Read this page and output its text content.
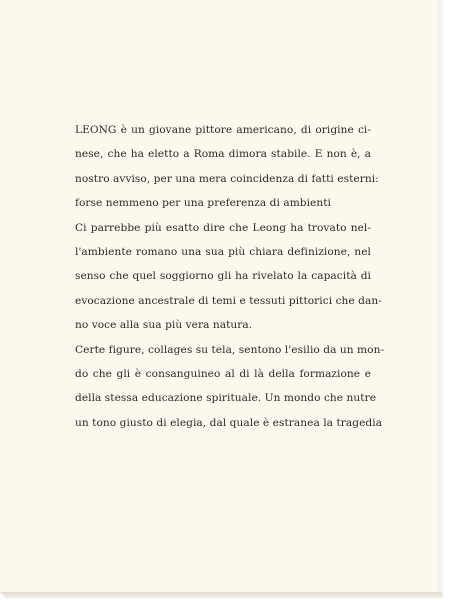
LEONG è un giovane pittore americano, di origine ci-
nese, che ha eletto a Roma dimora stabile. E non è, a
nostro avviso, per una mera coincidenza di fatti esterni:
forse nemmeno per una preferenza di ambienti
Ci parrebbe più esatto dire che Leong ha trovato nel-
l'ambiente romano una sua più chiara definizione, nel
senso che quel soggiorno gli ha rivelato la capacità di
evocazione ancestrale di temi e tessuti pittorici che dan-
no voce alla sua più vera natura.
Certe figure, collages su tela, sentono l'esilio da un mon-
do che gli è consanguineo al di là della formazione e
della stessa educazione spirituale. Un mondo che nutre
un tono giusto di elegia, dal quale è estranea la tragedia
